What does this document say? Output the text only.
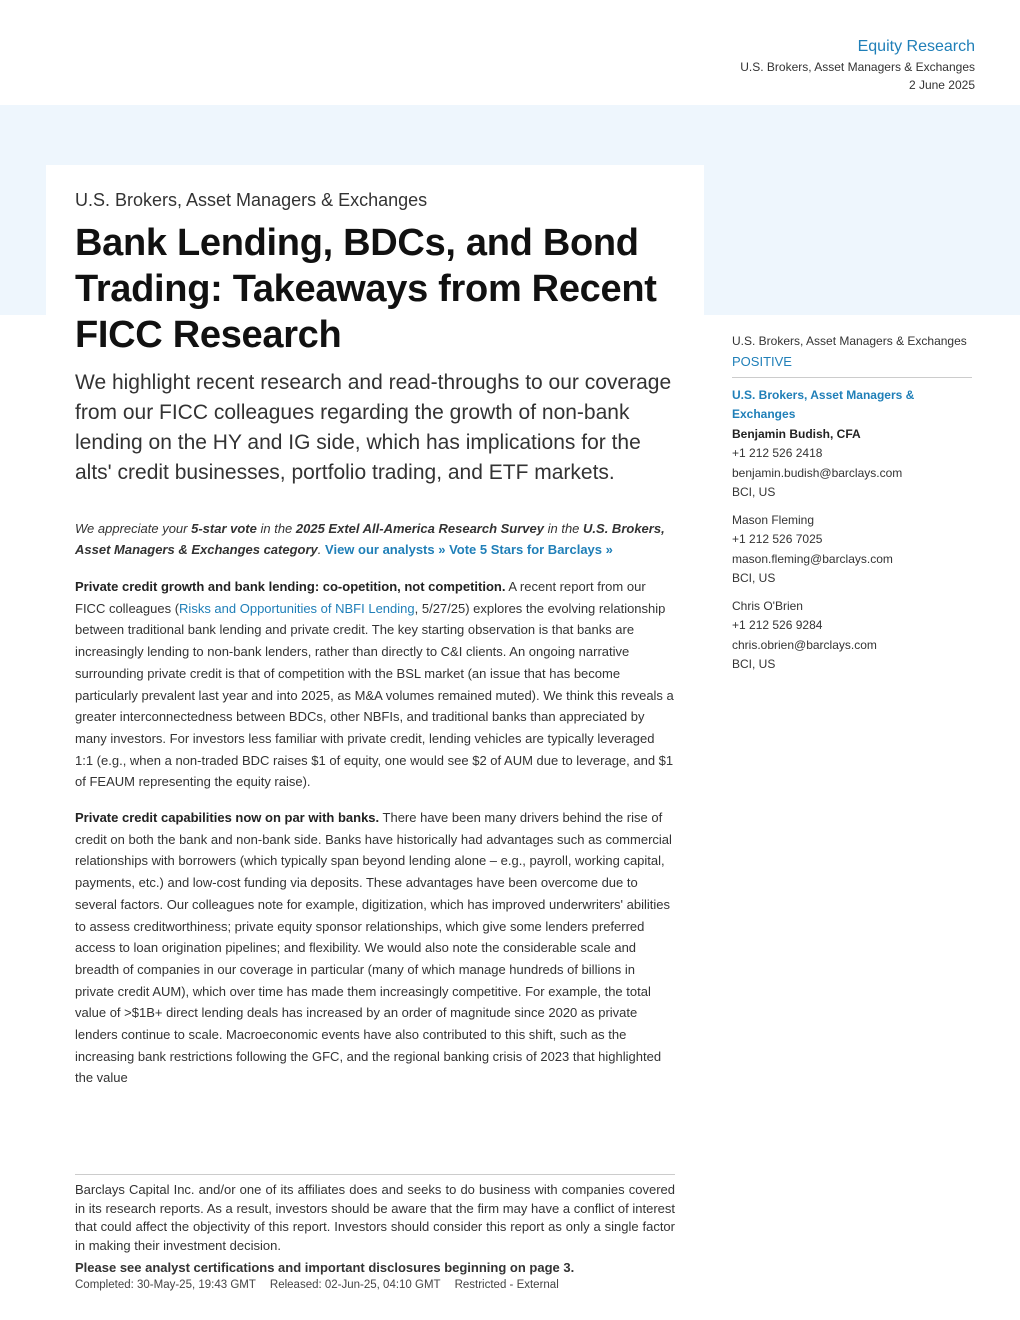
Equity Research
U.S. Brokers, Asset Managers & Exchanges
2 June 2025
U.S. Brokers, Asset Managers & Exchanges
Bank Lending, BDCs, and Bond Trading: Takeaways from Recent FICC Research
We highlight recent research and read-throughs to our coverage from our FICC colleagues regarding the growth of non-bank lending on the HY and IG side, which has implications for the alts' credit businesses, portfolio trading, and ETF markets.
We appreciate your 5-star vote in the 2025 Extel All-America Research Survey in the U.S. Brokers, Asset Managers & Exchanges category. View our analysts » Vote 5 Stars for Barclays »
Private credit growth and bank lending: co-opetition, not competition. A recent report from our FICC colleagues (Risks and Opportunities of NBFI Lending, 5/27/25) explores the evolving relationship between traditional bank lending and private credit. The key starting observation is that banks are increasingly lending to non-bank lenders, rather than directly to C&I clients. An ongoing narrative surrounding private credit is that of competition with the BSL market (an issue that has become particularly prevalent last year and into 2025, as M&A volumes remained muted). We think this reveals a greater interconnectedness between BDCs, other NBFIs, and traditional banks than appreciated by many investors. For investors less familiar with private credit, lending vehicles are typically leveraged 1:1 (e.g., when a non-traded BDC raises $1 of equity, one would see $2 of AUM due to leverage, and $1 of FEAUM representing the equity raise).
Private credit capabilities now on par with banks. There have been many drivers behind the rise of credit on both the bank and non-bank side. Banks have historically had advantages such as commercial relationships with borrowers (which typically span beyond lending alone – e.g., payroll, working capital, payments, etc.) and low-cost funding via deposits. These advantages have been overcome due to several factors. Our colleagues note for example, digitization, which has improved underwriters' abilities to assess creditworthiness; private equity sponsor relationships, which give some lenders preferred access to loan origination pipelines; and flexibility. We would also note the considerable scale and breadth of companies in our coverage in particular (many of which manage hundreds of billions in private credit AUM), which over time has made them increasingly competitive. For example, the total value of >$1B+ direct lending deals has increased by an order of magnitude since 2020 as private lenders continue to scale. Macroeconomic events have also contributed to this shift, such as the increasing bank restrictions following the GFC, and the regional banking crisis of 2023 that highlighted the value
U.S. Brokers, Asset Managers & Exchanges
POSITIVE
U.S. Brokers, Asset Managers & Exchanges
Benjamin Budish, CFA
+1 212 526 2418
benjamin.budish@barclays.com
BCI, US
Mason Fleming
+1 212 526 7025
mason.fleming@barclays.com
BCI, US
Chris O'Brien
+1 212 526 9284
chris.obrien@barclays.com
BCI, US
Barclays Capital Inc. and/or one of its affiliates does and seeks to do business with companies covered in its research reports. As a result, investors should be aware that the firm may have a conflict of interest that could affect the objectivity of this report. Investors should consider this report as only a single factor in making their investment decision.
Please see analyst certifications and important disclosures beginning on page 3.
Completed: 30-May-25, 19:43 GMT Released: 02-Jun-25, 04:10 GMT Restricted - External
